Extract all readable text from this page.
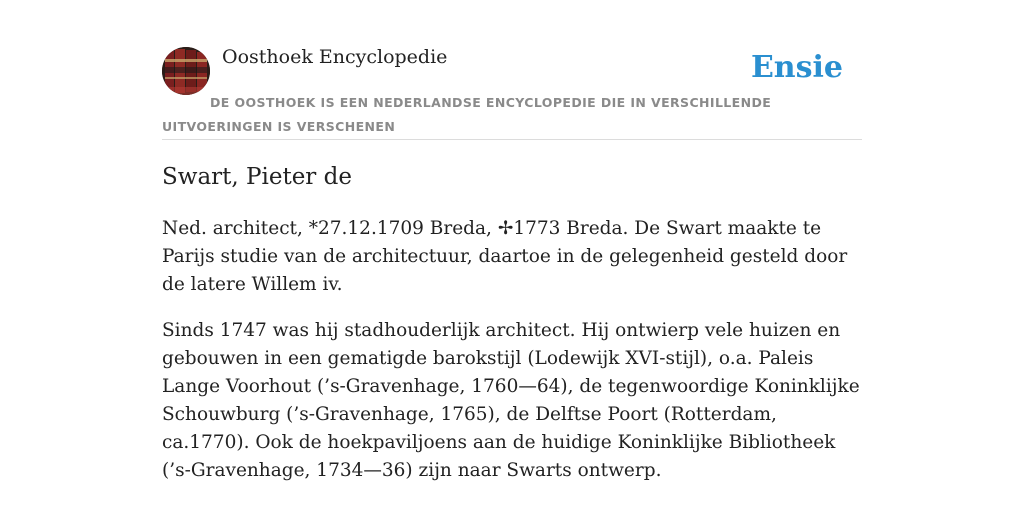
Oosthoek Encyclopedie	Ensie
DE OOSTHOEK IS EEN NEDERLANDSE ENCYCLOPEDIE DIE IN VERSCHILLENDE UITVOERINGEN IS VERSCHENEN
Swart, Pieter de

Ned. architect, *27.12.1709 Breda, ✢1773 Breda. De Swart maakte te Parijs studie van de architectuur, daartoe in de gelegenheid gesteld door de latere Willem iv.

Sinds 1747 was hij stadhouderlijk architect. Hij ontwierp vele huizen en gebouwen in een gematigde barokstijl (Lodewijk XVI-stijl), o.a. Paleis Lange Voorhout (’s-Gravenhage, 1760—64), de tegenwoordige Koninklijke Schouwburg (’s-Gravenhage, 1765), de Delftse Poort (Rotterdam, ca.1770). Ook de hoekpaviljoens aan de huidige Koninklijke Bibliotheek (’s-Gravenhage, 1734—36) zijn naar Swarts ontwerp.
